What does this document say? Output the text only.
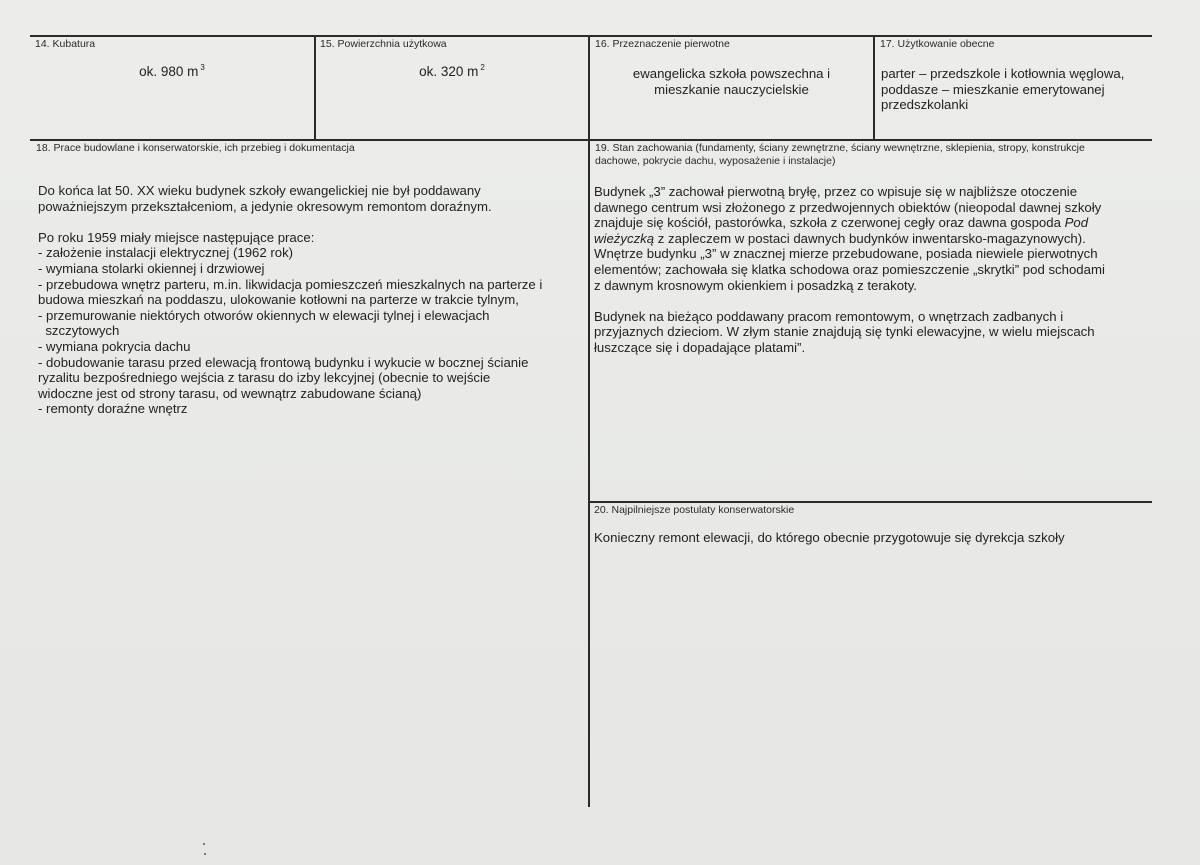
14. Kubatura
ok. 980 m $^3$
15. Powierzchnia użytkowa
ok. 320 m $^2$
16. Przeznaczenie pierwotne
ewangelicka szkoła powszechna i
mieszkanie nauczycielskie
17. Użytkowanie obecne
parter – przedszkole i kotłownia węglowa,
poddasze – mieszkanie emerytowanej
przedszkolanki
18. Prace budowlane i konserwatorskie, ich przebieg i dokumentacja
Do końca lat 50. XX wieku budynek szkoły ewangelickiej nie był poddawany
poważniejszym przekształceniom, a jedynie okresowym remontom doraźnym.
Po roku 1959 miały miejsce następujące prace:
- założenie instalacji elektrycznej (1962 rok)
- wymiana stolarki okiennej i drzwiowej
- przebudowa wnętrz parteru, m.in. likwidacja pomieszczeń mieszkalnych na parterze i
budowa mieszkań na poddaszu, ulokowanie kotłowni na parterze w trakcie tylnym,
- przemurowanie niektórych otworów okiennych w elewacji tylnej i elewacjach
szczytowych
- wymiana pokrycia dachu
- dobudowanie tarasu przed elewacją frontową budynku i wykucie w bocznej ścianie
ryzalitu bezpośredniego wejścia z tarasu do izby lekcyjnej (obecnie to wejście
widoczne jest od strony tarasu, od wewnątrz zabudowane ścianą)
- remonty doraźne wnętrz
19. Stan zachowania (fundamenty, ściany zewnętrzne, ściany wewnętrzne, sklepienia, stropy, konstrukcje
dachowe, pokrycie dachu, wyposażenie i instalacje)
Budynek „3” zachował pierwotną bryłę, przez co wpisuje się w najbliższe otoczenie
dawnego centrum wsi złożonego z przedwojennych obiektów (nieopodal dawnej szkoły
znajduje się kościół, pastorówka, szkoła z czerwonej cegły oraz dawna gospoda Pod
wieżyczką z zapleczem w postaci dawnych budynków inwentarsko-magazynowych).
Wnętrze budynku „3” w znacznej mierze przebudowane, posiada niewiele pierwotnych
elementów; zachowała się klatka schodowa oraz pomieszczenie „skrytki” pod schodami
z dawnym krosnowym okienkiem i posadzką z terakoty.
Budynek na bieżąco poddawany pracom remontowym, o wnętrzach zadbanych i
przyjaznych dzieciom. W złym stanie znajdują się tynki elewacyjne, w wielu miejscach
łuszczące się i dopadające platami”.
20. Najpilniejsze postulaty konserwatorskie
Konieczny remont elewacji, do którego obecnie przygotowuje się dyrekcja szkoły
